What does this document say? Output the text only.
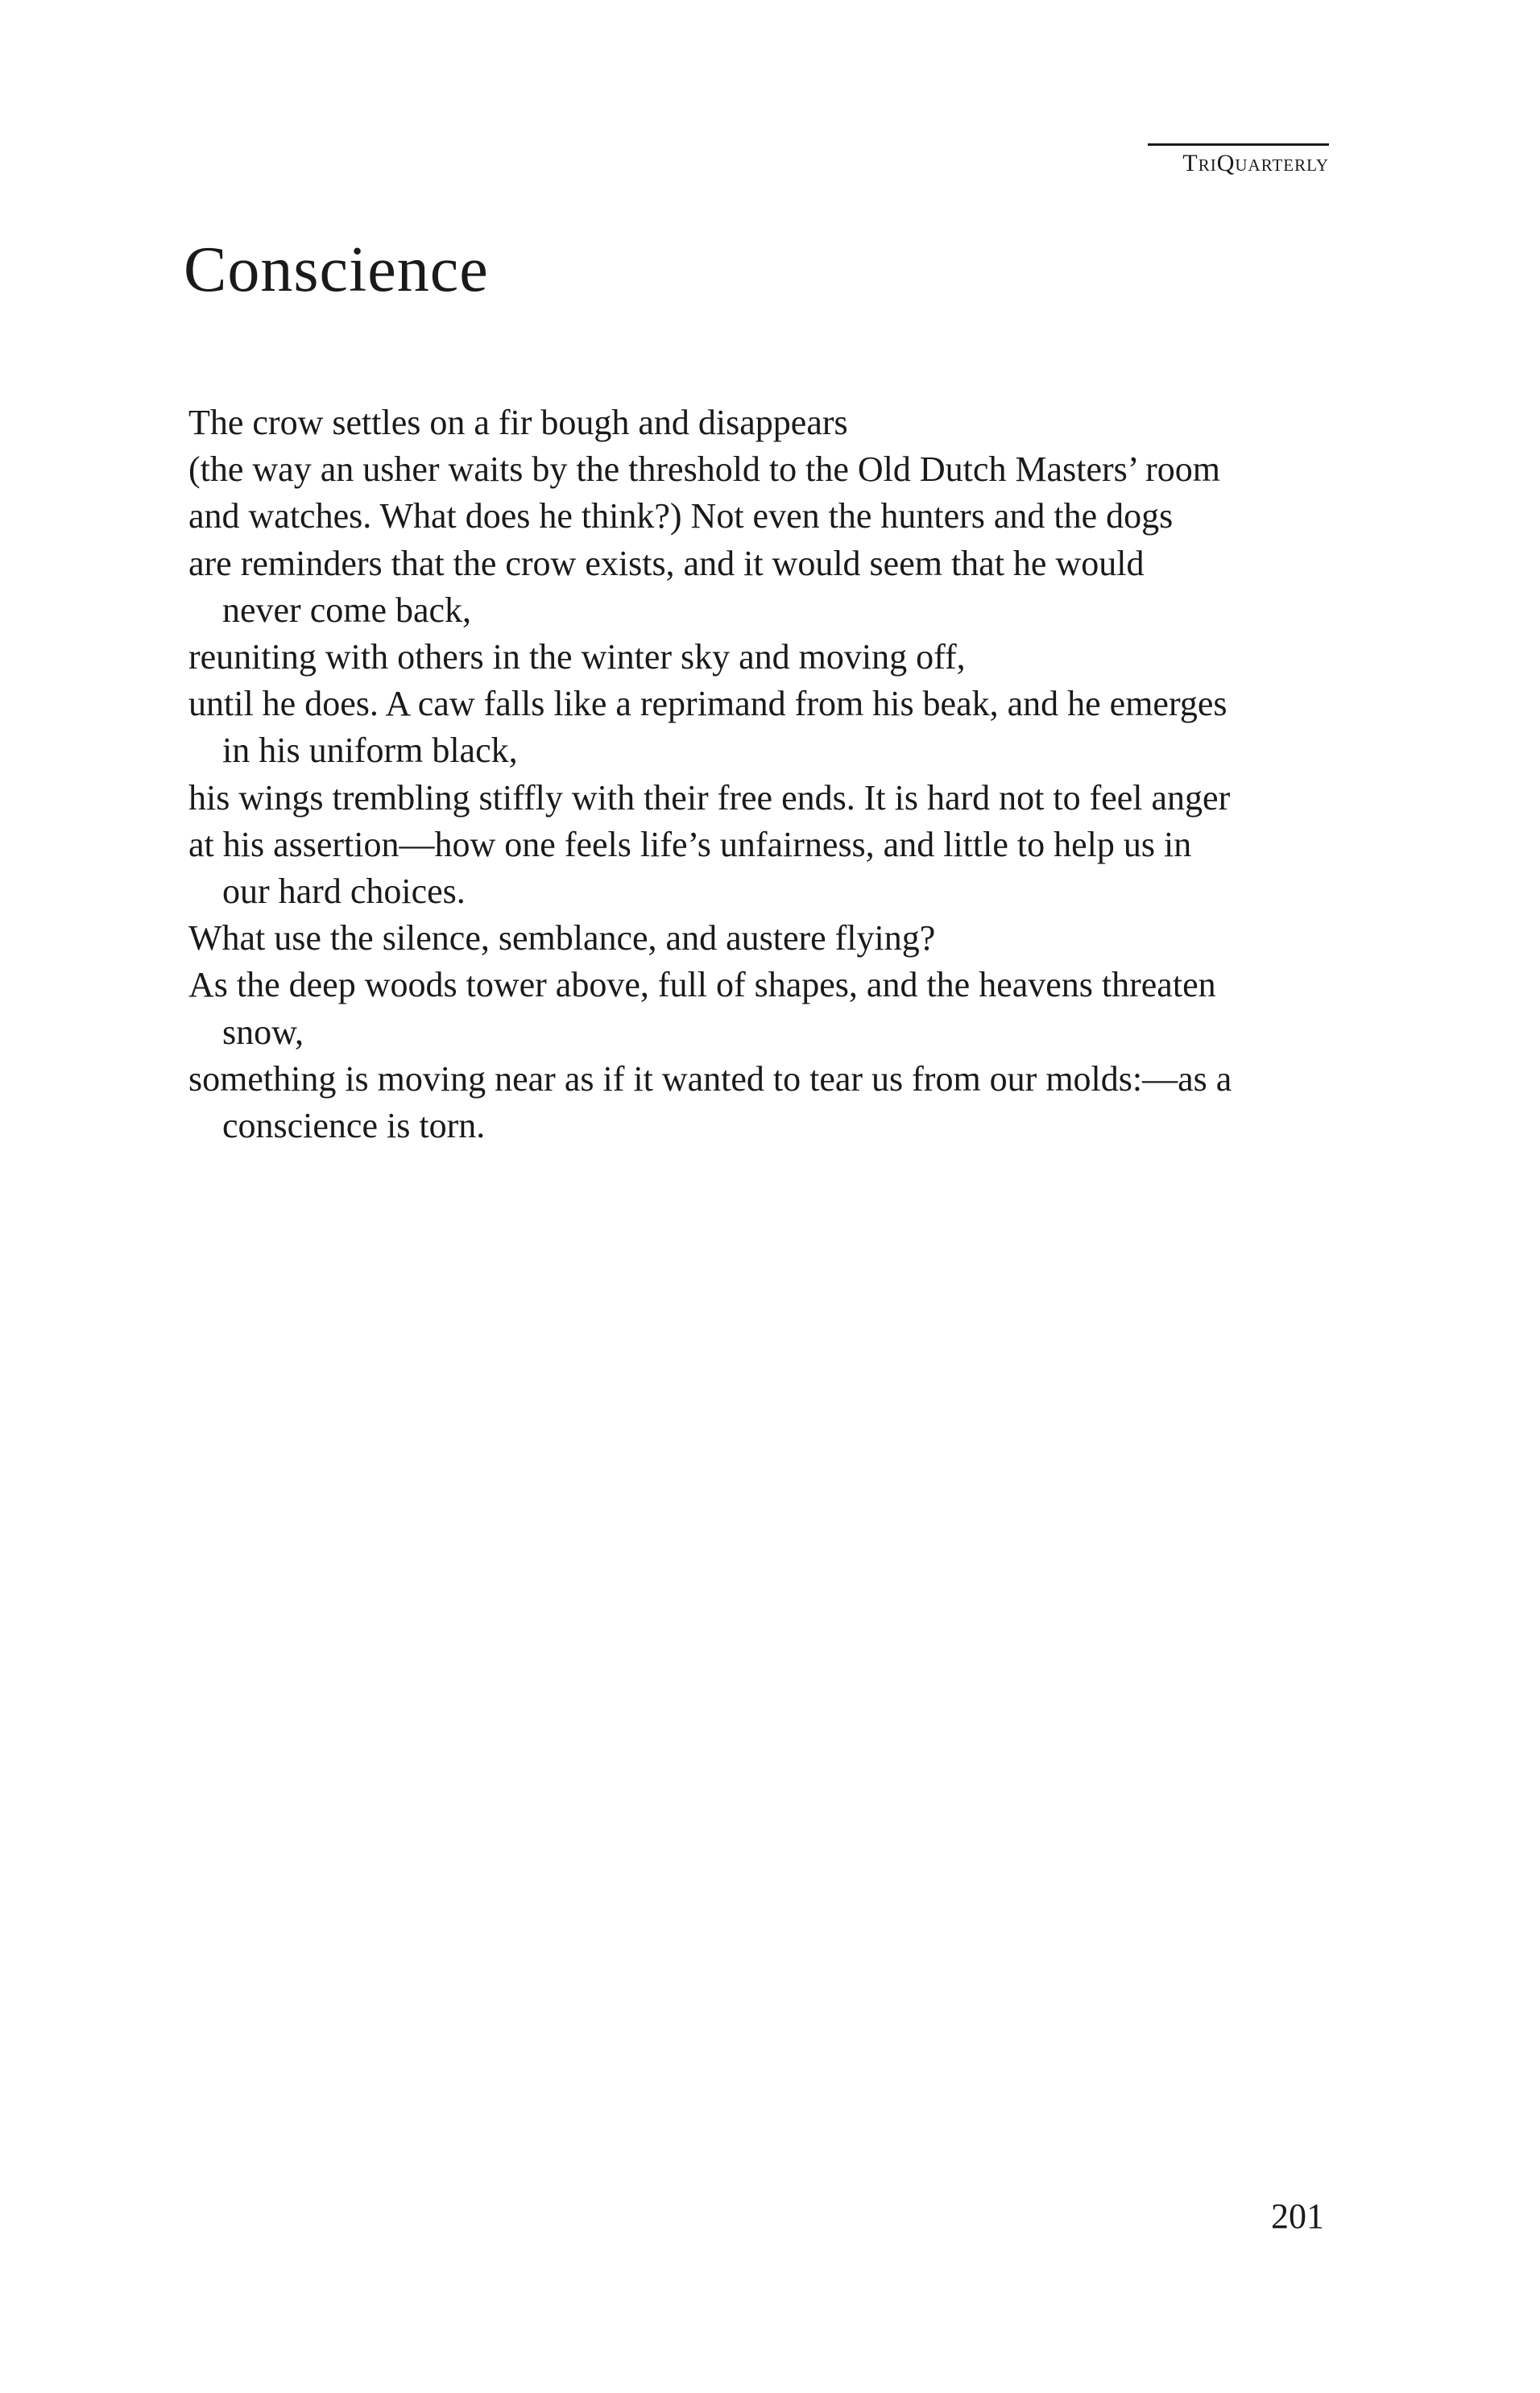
TriQuarterly
Conscience
The crow settles on a fir bough and disappears
(the way an usher waits by the threshold to the Old Dutch Masters’ room
and watches. What does he think?) Not even the hunters and the dogs
are reminders that the crow exists, and it would seem that he would
never come back,
reuniting with others in the winter sky and moving off,
until he does. A caw falls like a reprimand from his beak, and he emerges
in his uniform black,
his wings trembling stiffly with their free ends. It is hard not to feel anger
at his assertion—how one feels life’s unfairness, and little to help us in
our hard choices.
What use the silence, semblance, and austere flying?
As the deep woods tower above, full of shapes, and the heavens threaten
snow,
something is moving near as if it wanted to tear us from our molds:—as a
conscience is torn.
201
